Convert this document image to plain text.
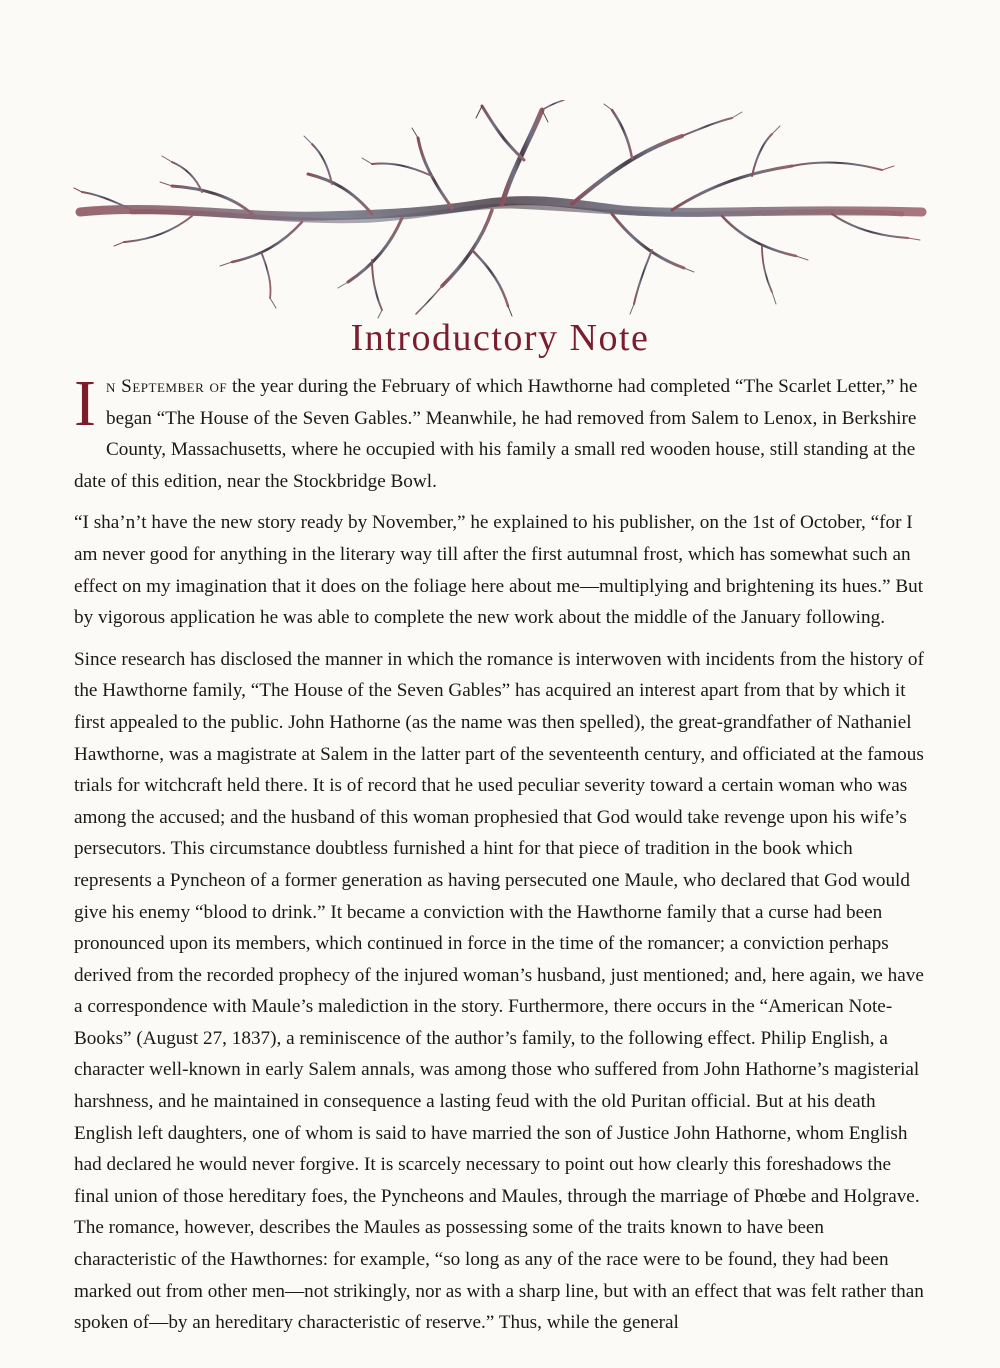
Introductory Note

In September of the year during the February of which Hawthorne had completed “The Scarlet Letter,” he began “The House of the Seven Gables.” Meanwhile, he had removed from Salem to Lenox, in Berkshire County, Massachusetts, where he occupied with his family a small red wooden house, still standing at the date of this edition, near the Stockbridge Bowl.

“I sha’n’t have the new story ready by November,” he explained to his publisher, on the 1st of October, “for I am never good for anything in the literary way till after the first autumnal frost, which has somewhat such an effect on my imagination that it does on the foliage here about me—multiplying and brightening its hues.” But by vigorous application he was able to complete the new work about the middle of the January following.

Since research has disclosed the manner in which the romance is interwoven with incidents from the history of the Hawthorne family, “The House of the Seven Gables” has acquired an interest apart from that by which it first appealed to the public. John Hathorne (as the name was then spelled), the great-grandfather of Nathaniel Hawthorne, was a magistrate at Salem in the latter part of the seventeenth century, and officiated at the famous trials for witchcraft held there. It is of record that he used peculiar severity toward a certain woman who was among the accused; and the husband of this woman prophesied that God would take revenge upon his wife’s persecutors. This circumstance doubtless furnished a hint for that piece of tradition in the book which represents a Pyncheon of a former generation as having persecuted one Maule, who declared that God would give his enemy “blood to drink.” It became a conviction with the Hawthorne family that a curse had been pronounced upon its members, which continued in force in the time of the romancer; a conviction perhaps derived from the recorded prophecy of the injured woman’s husband, just mentioned; and, here again, we have a correspondence with Maule’s malediction in the story. Furthermore, there occurs in the “American Note-Books” (August 27, 1837), a reminiscence of the author’s family, to the following effect. Philip English, a character well-known in early Salem annals, was among those who suffered from John Hathorne’s magisterial harshness, and he maintained in consequence a lasting feud with the old Puritan official. But at his death English left daughters, one of whom is said to have married the son of Justice John Hathorne, whom English had declared he would never forgive. It is scarcely necessary to point out how clearly this foreshadows the final union of those hereditary foes, the Pyncheons and Maules, through the marriage of Phœbe and Holgrave. The romance, however, describes the Maules as possessing some of the traits known to have been characteristic of the Hawthornes: for example, “so long as any of the race were to be found, they had been marked out from other men—not strikingly, nor as with a sharp line, but with an effect that was felt rather than spoken of—by an hereditary characteristic of reserve.” Thus, while the general
